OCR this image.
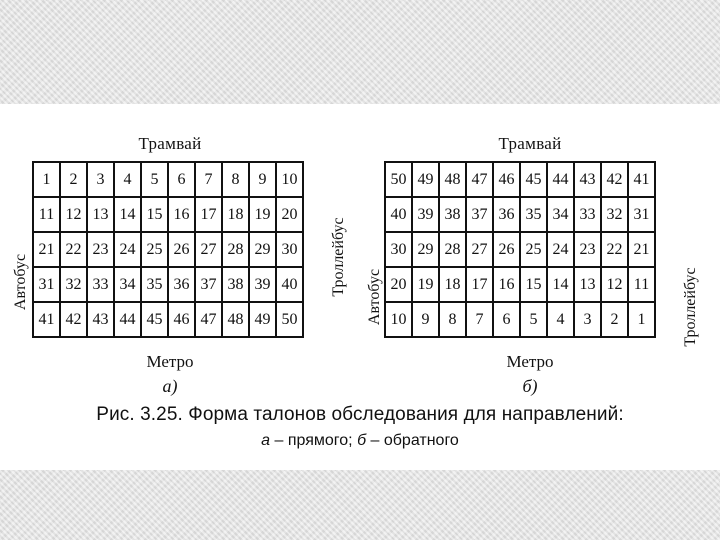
Трамвай
Автобус
1	2	3	4	5	6	7	8	9	10
11	12	13	14	15	16	17	18	19	20
21	22	23	24	25	26	27	28	29	30
31	32	33	34	35	36	37	38	39	40
41	42	43	44	45	46	47	48	49	50
Троллейбус
Метро
а)
Трамвай
Автобус
50	49	48	47	46	45	44	43	42	41
40	39	38	37	36	35	34	33	32	31
30	29	28	27	26	25	24	23	22	21
20	19	18	17	16	15	14	13	12	11
10	9	8	7	6	5	4	3	2	1 Троллейбус
Метро
б)
Рис. 3.25. Форма талонов обследования для направлений:
а – прямого; б – обратного
